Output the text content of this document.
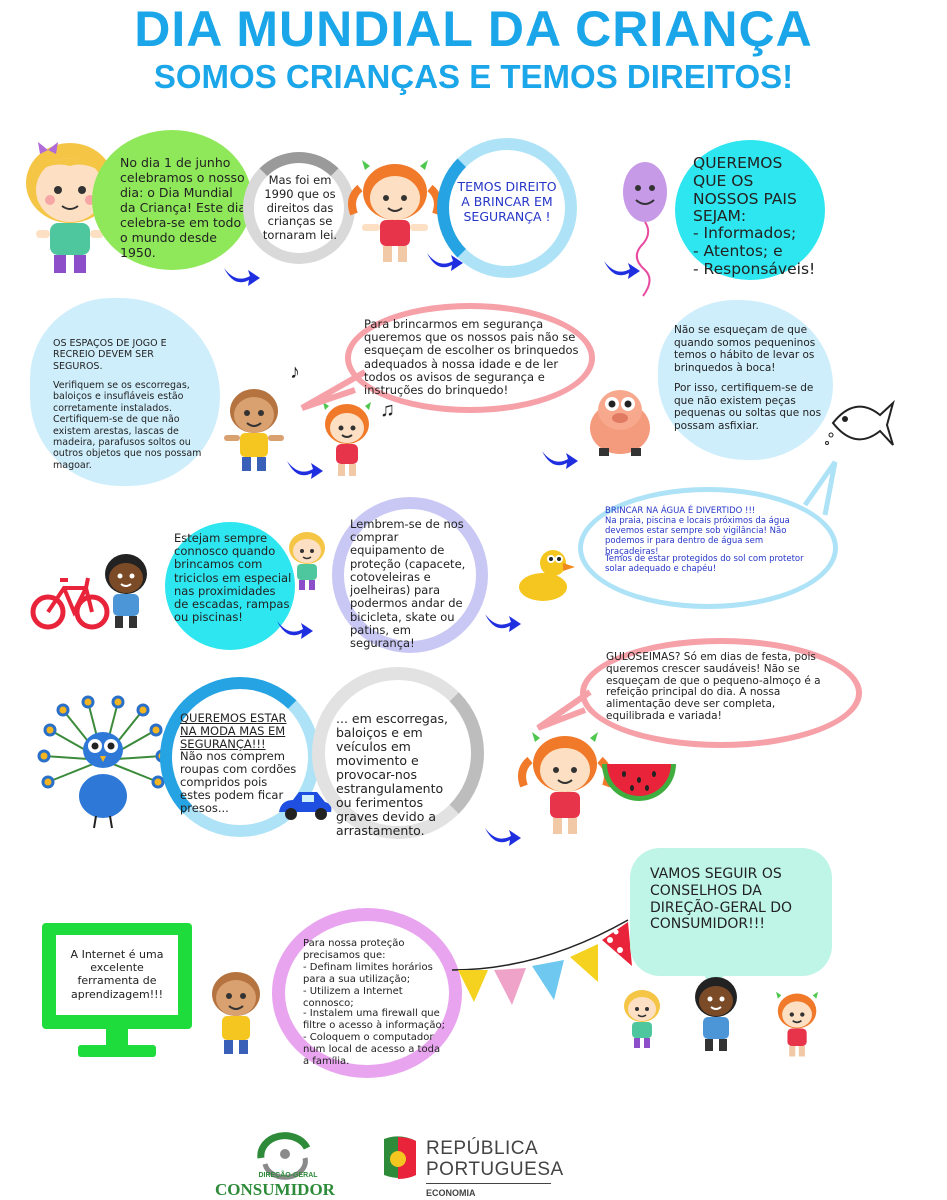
DIA MUNDIAL DA CRIANÇA
SOMOS CRIANÇAS E TEMOS DIREITOS!
No dia 1 de junho celebramos o nosso dia: o Dia Mundial da Criança! Este dia celebra-se em todo o mundo desde 1950.
Mas foi em 1990 que os direitos das crianças se tornaram lei.
TEMOS DIREITO A BRINCAR EM SEGURANÇA !
QUEREMOS QUE OS NOSSOS PAIS SEJAM:
- Informados;
- Atentos; e
- Responsáveis!
OS ESPAÇOS DE JOGO E RECREIO DEVEM SER SEGUROS.
Verifiquem se os escorregas, baloiços e insufláveis estão corretamente instalados. Certifiquem-se de que não existem arestas, lascas de madeira, parafusos soltos ou outros objetos que nos possam magoar.
♪
♫
Para brincarmos em segurança queremos que os nossos pais não se esqueçam de escolher os brinquedos adequados à nossa idade e de ler todos os avisos de segurança e instruções do brinquedo!
Não se esqueçam de que quando somos pequeninos temos o hábito de levar os brinquedos à boca!
Por isso, certifiquem-se de que não existem peças pequenas ou soltas que nos possam asfixiar.
Estejam sempre connosco quando brincamos com triciclos em especial nas proximidades de escadas, rampas ou piscinas!
Lembrem-se de nos comprar equipamento de proteção (capacete, cotoveleiras e joelheiras) para podermos andar de bicicleta, skate ou patins, em segurança!
BRINCAR NA ÁGUA É DIVERTIDO !!!
Na praia, piscina e locais próximos da água devemos estar sempre sob vigilância! Não podemos ir para dentro de água sem braçadeiras!
Temos de estar protegidos do sol com protetor solar adequado e chapéu!
QUEREMOS ESTAR NA MODA MAS EM SEGURANÇA!!!
Não nos comprem roupas com cordões compridos pois estes podem ficar presos...
... em escorregas, baloiços e em veículos em movimento e provocar-nos estrangulamento ou ferimentos graves devido a arrastamento.
GULOSEIMAS? Só em dias de festa, pois queremos crescer saudáveis! Não se esqueçam de que o pequeno-almoço é a refeição principal do dia. A nossa alimentação deve ser completa, equilibrada e variada!
A Internet é uma excelente ferramenta de aprendizagem!!!
Para nossa proteção precisamos que:
- Definam limites horários para a sua utilização;
- Utilizem a Internet connosco;
- Instalem uma firewall que filtre o acesso à informação;
- Coloquem o computador num local de acesso a toda a família.
VAMOS SEGUIR OS CONSELHOS DA DIREÇÃO-GERAL DO CONSUMIDOR!!!
DIREÇÃO-GERAL
CONSUMIDOR
REPÚBLICA
PORTUGUESA
ECONOMIA
